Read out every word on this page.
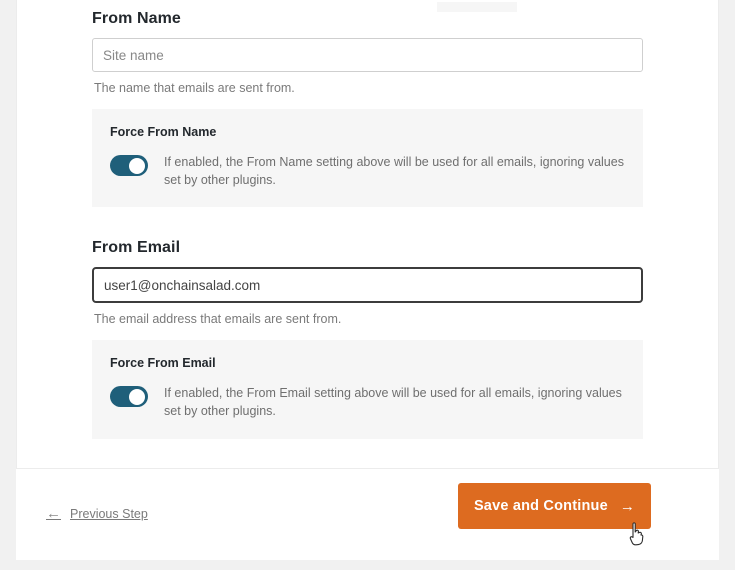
From Name
Site name
The name that emails are sent from.
Force From Name
If enabled, the From Name setting above will be used for all emails, ignoring values set by other plugins.
From Email
user1@onchainsalad.com
The email address that emails are sent from.
Force From Email
If enabled, the From Email setting above will be used for all emails, ignoring values set by other plugins.
← Previous Step	Save and Continue →
